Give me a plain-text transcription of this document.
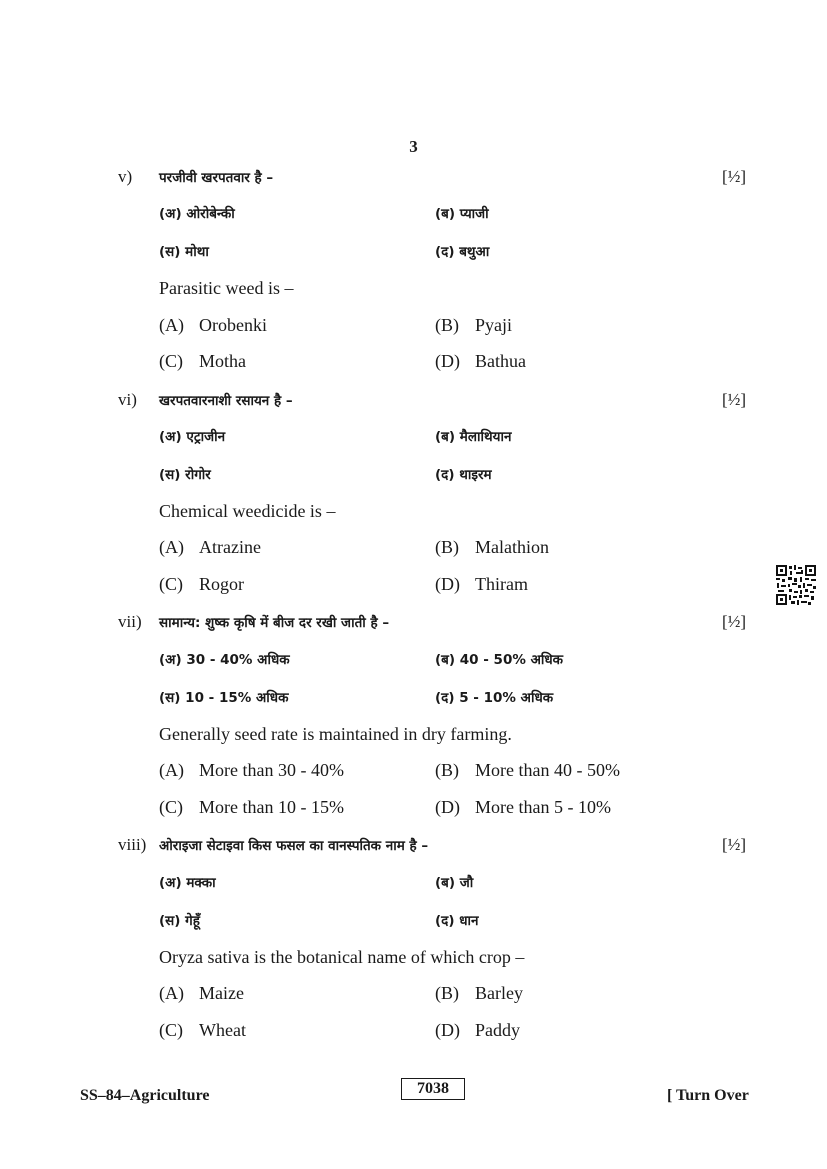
3
v) परजीवी खरपतवार है –	[½]
(अ) ओरोबेन्की	(ब) प्याजी
(स) मोथा	(द) बथुआ
Parasitic weed is –
(A) Orobenki	(B) Pyaji
(C) Motha	(D) Bathua
vi) खरपतवारनाशी रसायन है –	[½]
(अ) एट्राजीन	(ब) मैलाथियान
(स) रोगोर	(द) थाइरम
Chemical weedicide is –
(A) Atrazine	(B) Malathion
(C) Rogor	(D) Thiram
vii) सामान्य: शुष्क कृषि में बीज दर रखी जाती है –	[½]
(अ) 30 - 40% अधिक	(ब) 40 - 50% अधिक
(स) 10 - 15% अधिक	(द) 5 - 10% अधिक
Generally seed rate is maintained in dry farming.
(A) More than 30 - 40%	(B) More than 40 - 50%
(C) More than 10 - 15%	(D) More than 5 - 10%
viii) ओराइजा सेटाइवा किस फसल का वानस्पतिक नाम है –	[½]
(अ) मक्का	(ब) जौ
(स) गेहूँ	(द) धान
Oryza sativa is the botanical name of which crop –
(A) Maize	(B) Barley
(C) Wheat	(D) Paddy
SS–84–Agriculture	7038	[ Turn Over
